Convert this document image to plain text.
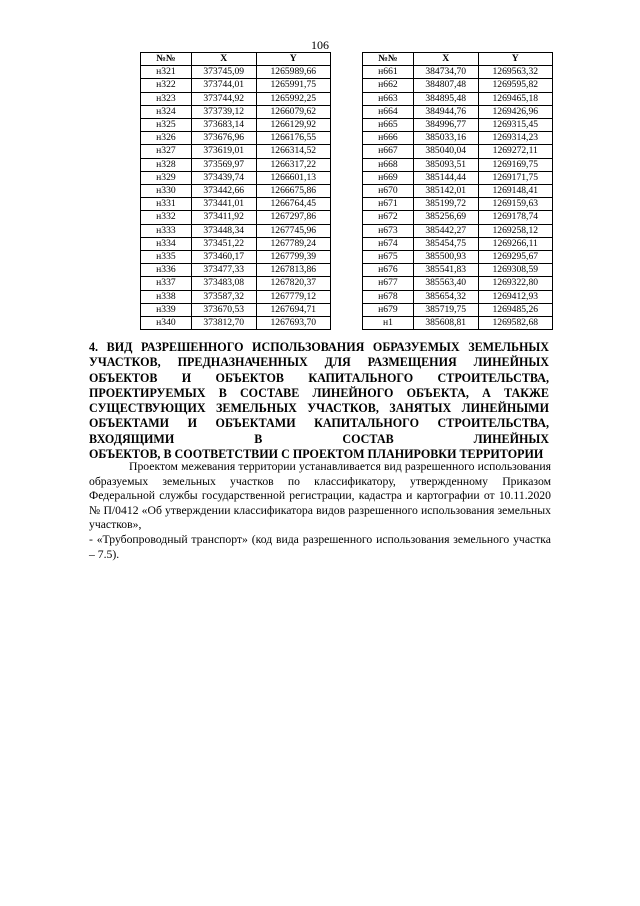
106
№№	X	Y
н321	373745,09	1265989,66
н322	373744,01	1265991,75
н323	373744,92	1265992,25
н324	373739,12	1266079,62
н325	373683,14	1266129,92
н326	373676,96	1266176,55
н327	373619,01	1266314,52
н328	373569,97	1266317,22
н329	373439,74	1266601,13
н330	373442,66	1266675,86
н331	373441,01	1266764,45
н332	373411,92	1267297,86
н333	373448,34	1267745,96
н334	373451,22	1267789,24
н335	373460,17	1267799,39
н336	373477,33	1267813,86
н337	373483,08	1267820,37
н338	373587,32	1267779,12
н339	373670,53	1267694,71
н340	373812,70	1267693,70
№№	X	Y
н661	384734,70	1269563,32
н662	384807,48	1269595,82
н663	384895,48	1269465,18
н664	384944,76	1269426,96
н665	384996,77	1269315,45
н666	385033,16	1269314,23
н667	385040,04	1269272,11
н668	385093,51	1269169,75
н669	385144,44	1269171,75
н670	385142,01	1269148,41
н671	385199,72	1269159,63
н672	385256,69	1269178,74
н673	385442,27	1269258,12
н674	385454,75	1269266,11
н675	385500,93	1269295,67
н676	385541,83	1269308,59
н677	385563,40	1269322,80
н678	385654,32	1269412,93
н679	385719,75	1269485,26
н1	385608,81	1269582,68
4. ВИД РАЗРЕШЕННОГО ИСПОЛЬЗОВАНИЯ ОБРАЗУЕМЫХ ЗЕМЕЛЬНЫХ УЧАСТКОВ, ПРЕДНАЗНАЧЕННЫХ ДЛЯ РАЗМЕЩЕНИЯ ЛИНЕЙНЫХ ОБЪЕКТОВ И ОБЪЕКТОВ КАПИТАЛЬНОГО СТРОИТЕЛЬСТВА, ПРОЕКТИРУЕМЫХ В СОСТАВЕ ЛИНЕЙНОГО ОБЪЕКТА, А ТАКЖЕ СУЩЕСТВУЮЩИХ ЗЕМЕЛЬНЫХ УЧАСТКОВ, ЗАНЯТЫХ ЛИНЕЙНЫМИ ОБЪЕКТАМИ И ОБЪЕКТАМИ КАПИТАЛЬНОГО СТРОИТЕЛЬСТВА, ВХОДЯЩИМИ В СОСТАВ ЛИНЕЙНЫХ
ОБЪЕКТОВ, В СООТВЕТСТВИИ С ПРОЕКТОМ ПЛАНИРОВКИ ТЕРРИТОРИИ

Проектом межевания территории устанавливается вид разрешенного использования образуемых земельных участков по классификатору, утвержденному Приказом Федеральной службы государственной регистрации, кадастра и картографии от 10.11.2020 № П/0412 «Об утверждении классификатора видов разрешенного использования земельных участков»,

- «Трубопроводный транспорт» (код вида разрешенного использования земельного участка – 7.5).
